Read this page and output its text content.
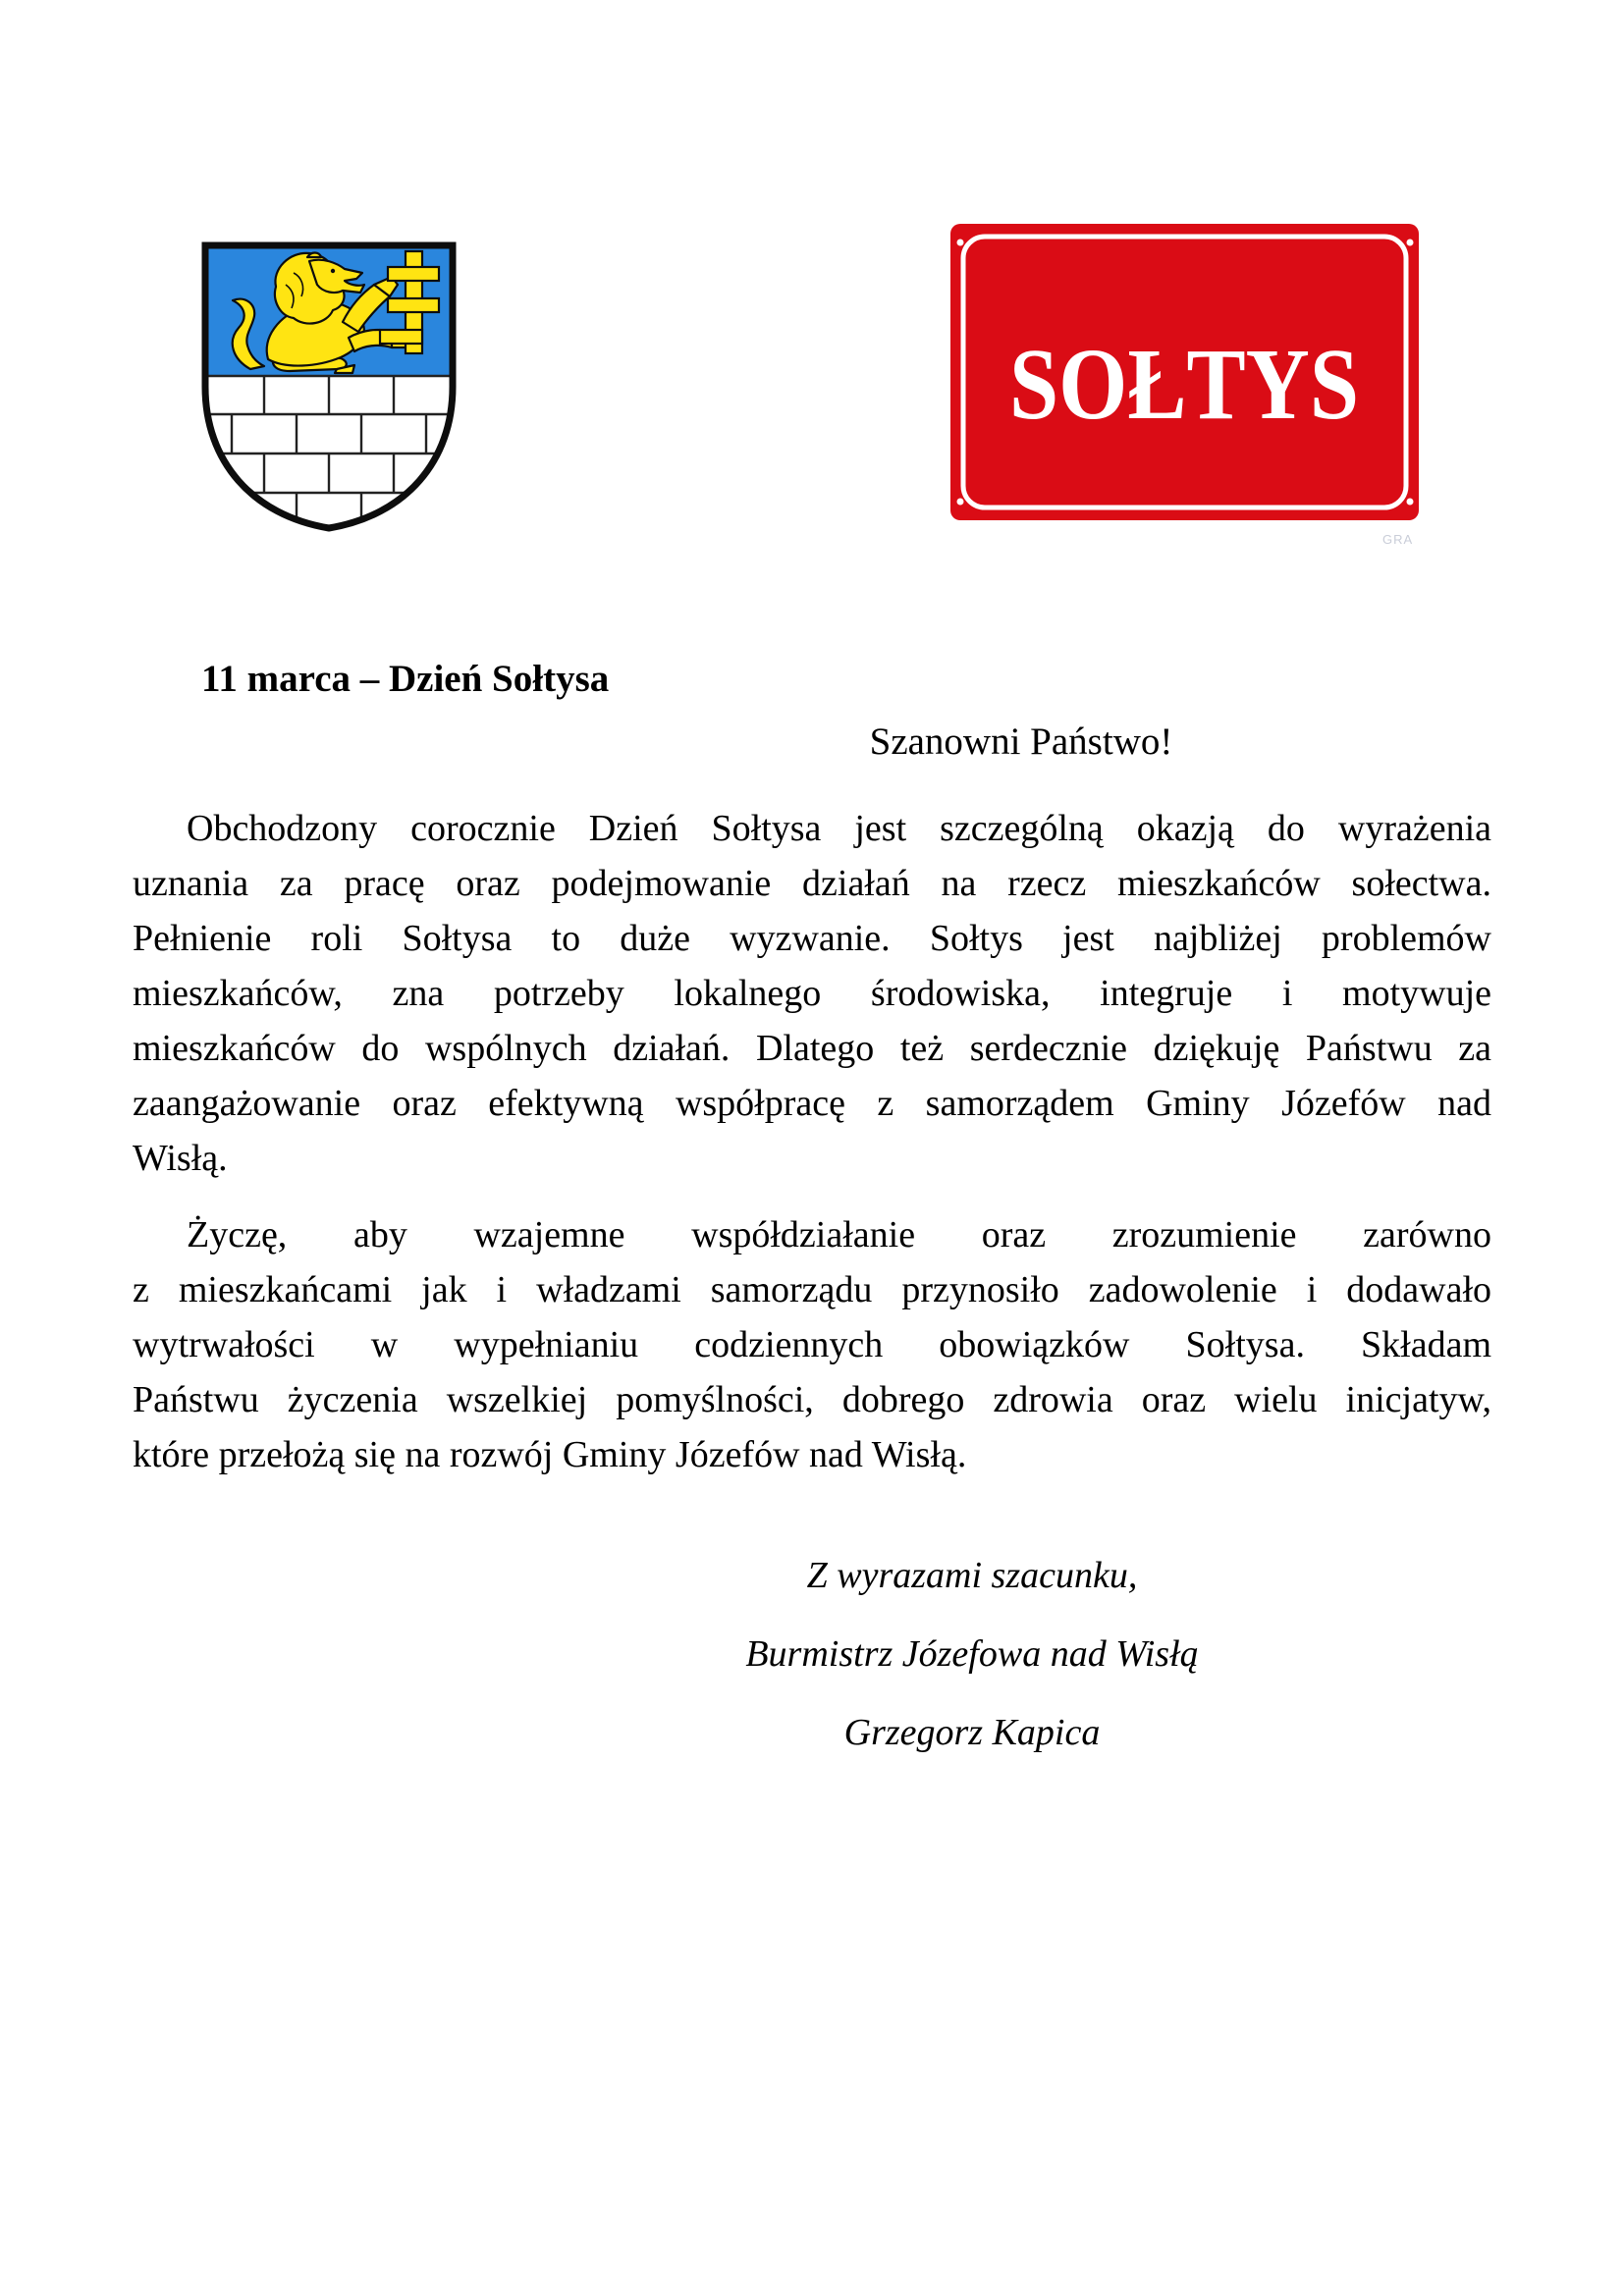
SOŁTYS
GRA
11 marca – Dzień Sołtysa
Szanowni Państwo!
Obchodzony corocznie Dzień Sołtysa jest szczególną okazją do wyrażenia
uznania za pracę oraz podejmowanie działań na rzecz mieszkańców sołectwa.
Pełnienie roli Sołtysa to duże wyzwanie. Sołtys jest najbliżej problemów
mieszkańców, zna potrzeby lokalnego środowiska, integruje i motywuje
mieszkańców do wspólnych działań. Dlatego też serdecznie dziękuję Państwu za
zaangażowanie oraz efektywną współpracę z samorządem Gminy Józefów nad
Wisłą.
Życzę, aby wzajemne współdziałanie oraz zrozumienie zarówno
z mieszkańcami jak i władzami samorządu przynosiło zadowolenie i dodawało
wytrwałości w wypełnianiu codziennych obowiązków Sołtysa. Składam
Państwu życzenia wszelkiej pomyślności, dobrego zdrowia oraz wielu inicjatyw,
które przełożą się na rozwój Gminy Józefów nad Wisłą.
Z wyrazami szacunku,
Burmistrz Józefowa nad Wisłą
Grzegorz Kapica
